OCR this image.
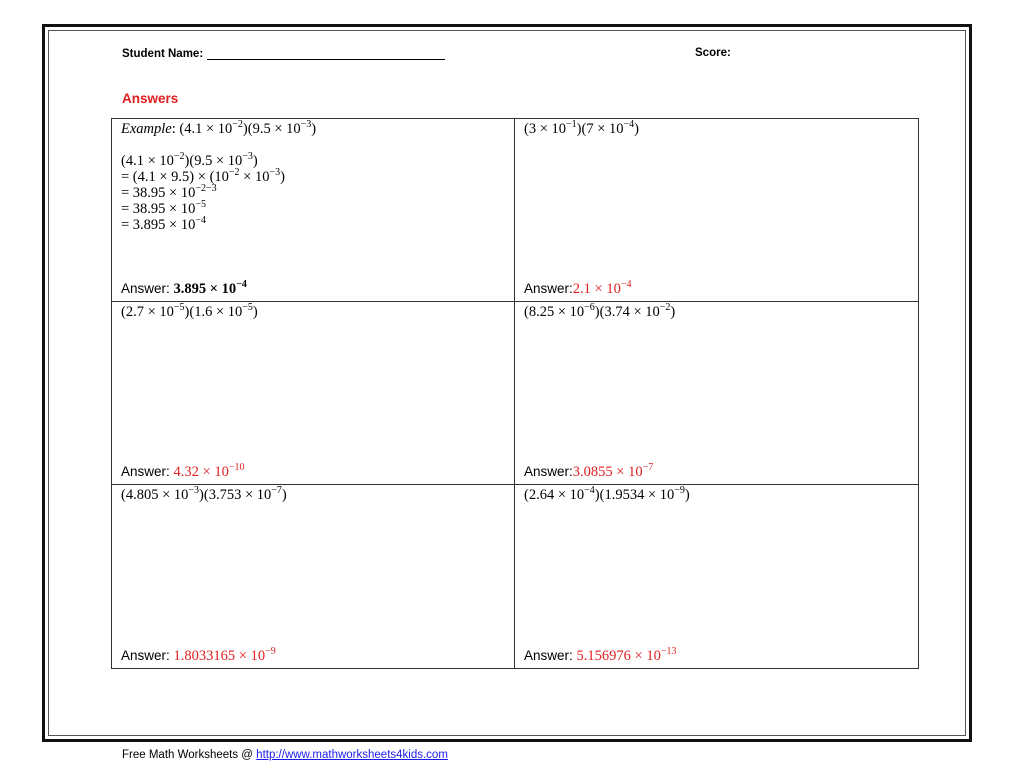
Student Name:	Score:
Answers
Example: $(4.1 \times 10^{-2})(9.5 \times 10^{-3})$
$(4.1 \times 10^{-2})(9.5 \times 10^{-3})$
= $(4.1 \times 9.5) \times (10^{-2} \times 10^{-3})$
= $38.95 \times 10^{-2-3}$
= $38.95 \times 10^{-5}$
= $3.895 \times 10^{-4}$
Answer: $3.895 \times 10^{-4}$
$(3 \times 10^{-1})(7 \times 10^{-4})$
Answer:2.1 × $10^{-4}$
$(2.7 \times 10^{-5})(1.6 \times 10^{-5})$
Answer: $4.32 \times 10^{-10}$
$(8.25 \times 10^{-6})(3.74 \times 10^{-2})$
Answer:3.0855 × $10^{-7}$
$(4.805 \times 10^{-3})(3.753 \times 10^{-7})$
Answer: $1.8033165 \times 10^{-9}$
$(2.64 \times 10^{-4})(1.9534 \times 10^{-9})$
Answer: $5.156976 \times 10^{-13}$
Free Math Worksheets @ http://www.mathworksheets4kids.com
